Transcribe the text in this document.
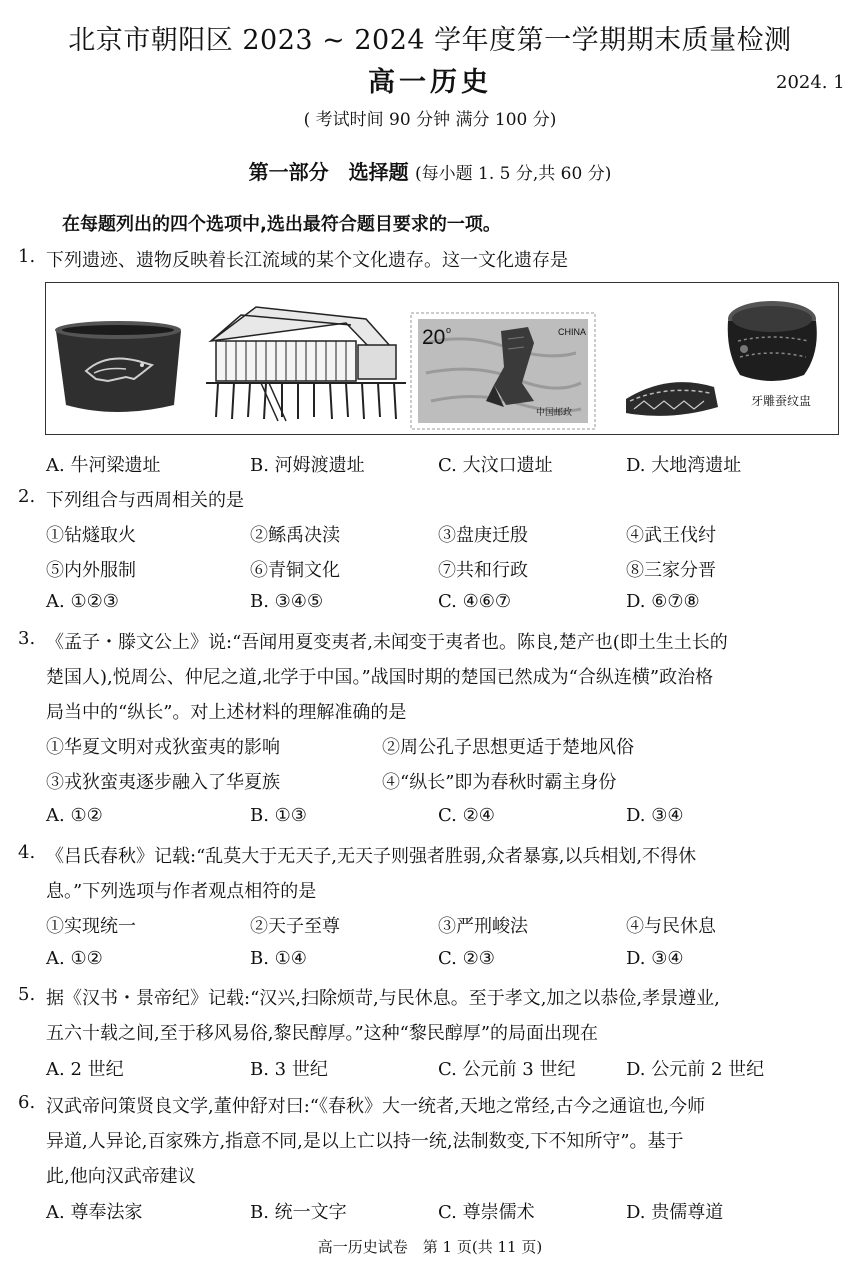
北京市朝阳区 2023 ~ 2024 学年度第一学期期末质量检测
高一历史	2024. 1
( 考试时间 90 分钟 满分 100 分)
第一部分　选择题 (每小题 1. 5 分,共 60 分)
在每题列出的四个选项中,选出最符合题目要求的一项。
1. 下列遗迹、遗物反映着长江流域的某个文化遗存。这一文化遗存是
20 o	CHINA
中国邮政
牙雕蚕纹盅
A. 牛河梁遗址	B. 河姆渡遗址	C. 大汶口遗址	D. 大地湾遗址
2. 下列组合与西周相关的是
①钻燧取火	②鲧禹决渎	③盘庚迁殷	④武王伐纣
⑤内外服制	⑥青铜文化	⑦共和行政	⑧三家分晋
A. ①②③	B. ③④⑤	C. ④⑥⑦	D. ⑥⑦⑧
3. 《孟子・滕文公上》说:“吾闻用夏变夷者,未闻变于夷者也。陈良,楚产也(即土生土长的
楚国人),悦周公、仲尼之道,北学于中国。”战国时期的楚国已然成为“合纵连横”政治格
局当中的“纵长”。对上述材料的理解准确的是
①华夏文明对戎狄蛮夷的影响	②周公孔子思想更适于楚地风俗
③戎狄蛮夷逐步融入了华夏族	④“纵长”即为春秋时霸主身份
A. ①②	B. ①③	C. ②④	D. ③④
4. 《吕氏春秋》记载:“乱莫大于无天子,无天子则强者胜弱,众者暴寡,以兵相划,不得休
息。”下列选项与作者观点相符的是
①实现统一	②天子至尊	③严刑峻法	④与民休息
A. ①②	B. ①④	C. ②③	D. ③④
5. 据《汉书・景帝纪》记载:“汉兴,扫除烦苛,与民休息。至于孝文,加之以恭俭,孝景遵业,
五六十载之间,至于移风易俗,黎民醇厚。”这种“黎民醇厚”的局面出现在
A. 2 世纪	B. 3 世纪	C. 公元前 3 世纪	D. 公元前 2 世纪
6. 汉武帝问策贤良文学,董仲舒对曰:“《春秋》大一统者,天地之常经,古今之通谊也,今师
异道,人异论,百家殊方,指意不同,是以上亡以持一统,法制数变,下不知所守”。基于
此,他向汉武帝建议
A. 尊奉法家	B. 统一文字	C. 尊崇儒术	D. 贵儒尊道
高一历史试卷　第 1 页(共 11 页)
